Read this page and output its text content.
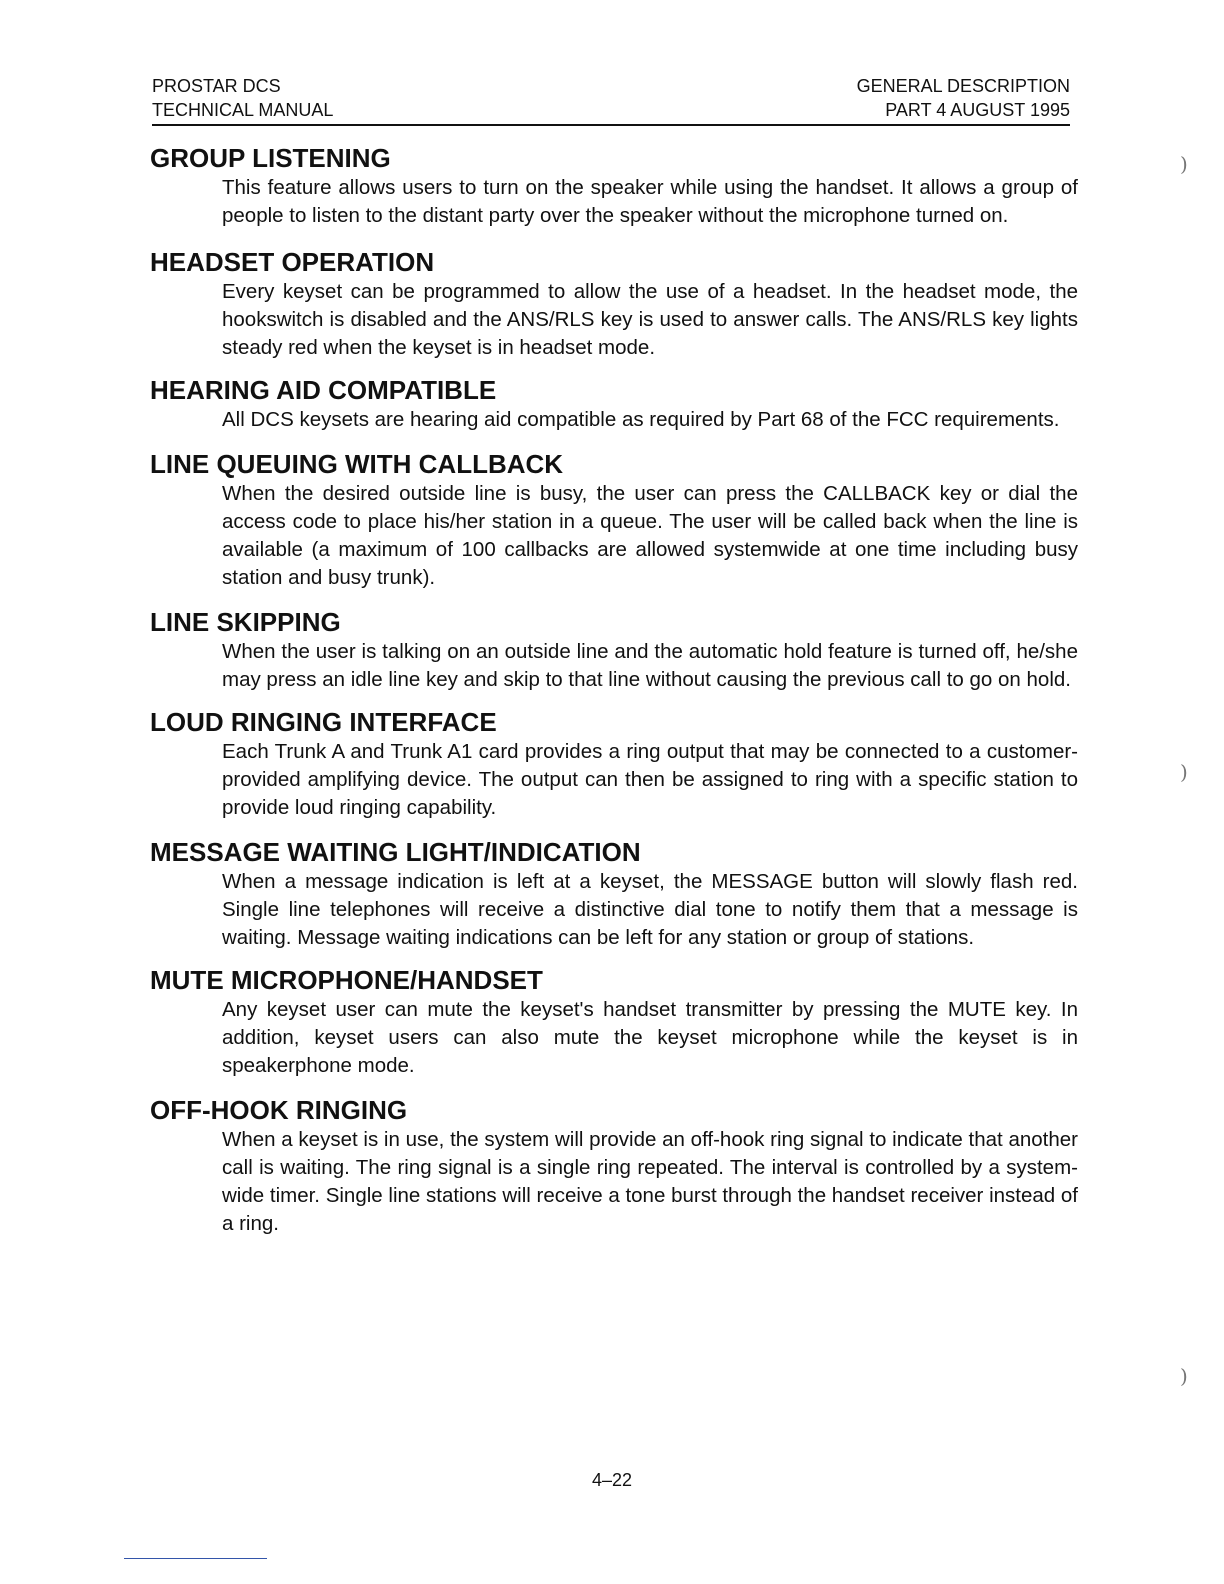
PROSTAR DCS
TECHNICAL MANUAL
GENERAL DESCRIPTION
PART 4 AUGUST 1995
GROUP LISTENING

This feature allows users to turn on the speaker while using the handset. It allows a group of people to listen to the distant party over the speaker without the microphone turned on.

HEADSET OPERATION

Every keyset can be programmed to allow the use of a headset. In the headset mode, the hookswitch is disabled and the ANS/RLS key is used to answer calls. The ANS/RLS key lights steady red when the keyset is in headset mode.

HEARING AID COMPATIBLE

All DCS keysets are hearing aid compatible as required by Part 68 of the FCC requirements.

LINE QUEUING WITH CALLBACK

When the desired outside line is busy, the user can press the CALLBACK key or dial the access code to place his/her station in a queue. The user will be called back when the line is available (a maximum of 100 callbacks are allowed systemwide at one time including busy station and busy trunk).

LINE SKIPPING

When the user is talking on an outside line and the automatic hold feature is turned off, he/she may press an idle line key and skip to that line without causing the previous call to go on hold.

LOUD RINGING INTERFACE

Each Trunk A and Trunk A1 card provides a ring output that may be connected to a customer-provided amplifying device. The output can then be assigned to ring with a specific station to provide loud ringing capability.

MESSAGE WAITING LIGHT/INDICATION

When a message indication is left at a keyset, the MESSAGE button will slowly flash red. Single line telephones will receive a distinctive dial tone to notify them that a message is waiting. Message waiting indications can be left for any station or group of stations.

MUTE MICROPHONE/HANDSET

Any keyset user can mute the keyset's handset transmitter by pressing the MUTE key. In addition, keyset users can also mute the keyset microphone while the keyset is in speakerphone mode.

OFF-HOOK RINGING

When a keyset is in use, the system will provide an off-hook ring signal to indicate that another call is waiting. The ring signal is a single ring repeated. The interval is controlled by a system-wide timer. Single line stations will receive a tone burst through the handset receiver instead of a ring.

4–22
)
)
)
